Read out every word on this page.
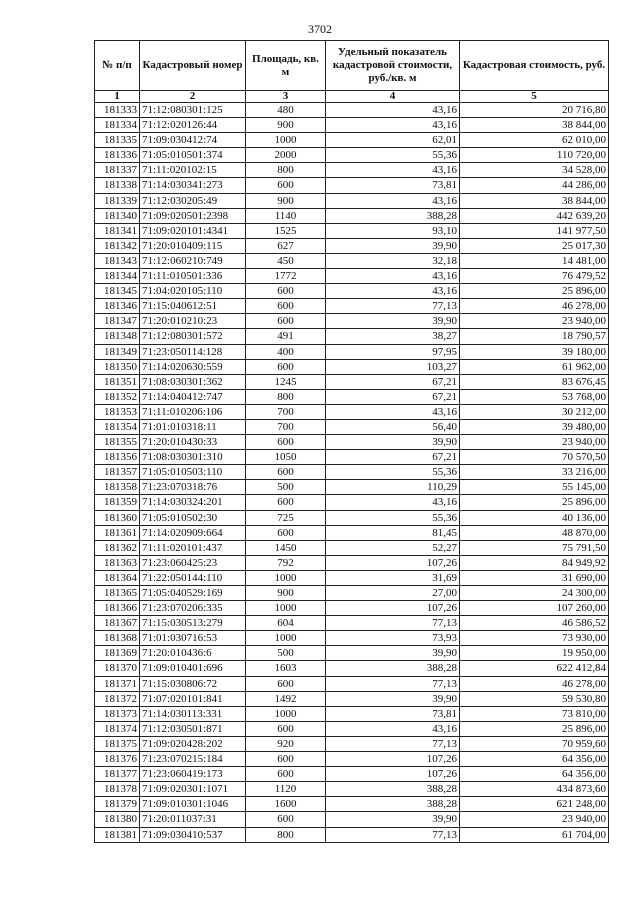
3702
№ п/п	Кадастровый номер	Площадь, кв. м	Удельный показатель кадастровой стоимости, руб./кв. м	Кадастровая стоимость, руб.
1	2	3	4	5
181333	71:12:080301:125	480	43,16	20 716,80
181334	71:12:020126:44	900	43,16	38 844,00
181335	71:09:030412:74	1000	62,01	62 010,00
181336	71:05:010501:374	2000	55,36	110 720,00
181337	71:11:020102:15	800	43,16	34 528,00
181338	71:14:030341:273	600	73,81	44 286,00
181339	71:12:030205:49	900	43,16	38 844,00
181340	71:09:020501:2398	1140	388,28	442 639,20
181341	71:09:020101:4341	1525	93,10	141 977,50
181342	71:20:010409:115	627	39,90	25 017,30
181343	71:12:060210:749	450	32,18	14 481,00
181344	71:11:010501:336	1772	43,16	76 479,52
181345	71:04:020105:110	600	43,16	25 896,00
181346	71:15:040612:51	600	77,13	46 278,00
181347	71:20:010210:23	600	39,90	23 940,00
181348	71:12:080301:572	491	38,27	18 790,57
181349	71:23:050114:128	400	97,95	39 180,00
181350	71:14:020630:559	600	103,27	61 962,00
181351	71:08:030301:362	1245	67,21	83 676,45
181352	71:14:040412:747	800	67,21	53 768,00
181353	71:11:010206:106	700	43,16	30 212,00
181354	71:01:010318:11	700	56,40	39 480,00
181355	71:20:010430:33	600	39,90	23 940,00
181356	71:08:030301:310	1050	67,21	70 570,50
181357	71:05:010503:110	600	55,36	33 216,00
181358	71:23:070318:76	500	110,29	55 145,00
181359	71:14:030324:201	600	43,16	25 896,00
181360	71:05:010502:30	725	55,36	40 136,00
181361	71:14:020909:664	600	81,45	48 870,00
181362	71:11:020101:437	1450	52,27	75 791,50
181363	71:23:060425:23	792	107,26	84 949,92
181364	71:22:050144:110	1000	31,69	31 690,00
181365	71:05:040529:169	900	27,00	24 300,00
181366	71:23:070206:335	1000	107,26	107 260,00
181367	71:15:030513:279	604	77,13	46 586,52
181368	71:01:030716:53	1000	73,93	73 930,00
181369	71:20:010436:6	500	39,90	19 950,00
181370	71:09:010401:696	1603	388,28	622 412,84
181371	71:15:030806:72	600	77,13	46 278,00
181372	71:07:020101:841	1492	39,90	59 530,80
181373	71:14:030113:331	1000	73,81	73 810,00
181374	71:12:030501:871	600	43,16	25 896,00
181375	71:09:020428:202	920	77,13	70 959,60
181376	71:23:070215:184	600	107,26	64 356,00
181377	71:23:060419:173	600	107,26	64 356,00
181378	71:09:020301:1071	1120	388,28	434 873,60
181379	71:09:010301:1046	1600	388,28	621 248,00
181380	71:20:011037:31	600	39,90	23 940,00
181381	71:09:030410:537	800	77,13	61 704,00
